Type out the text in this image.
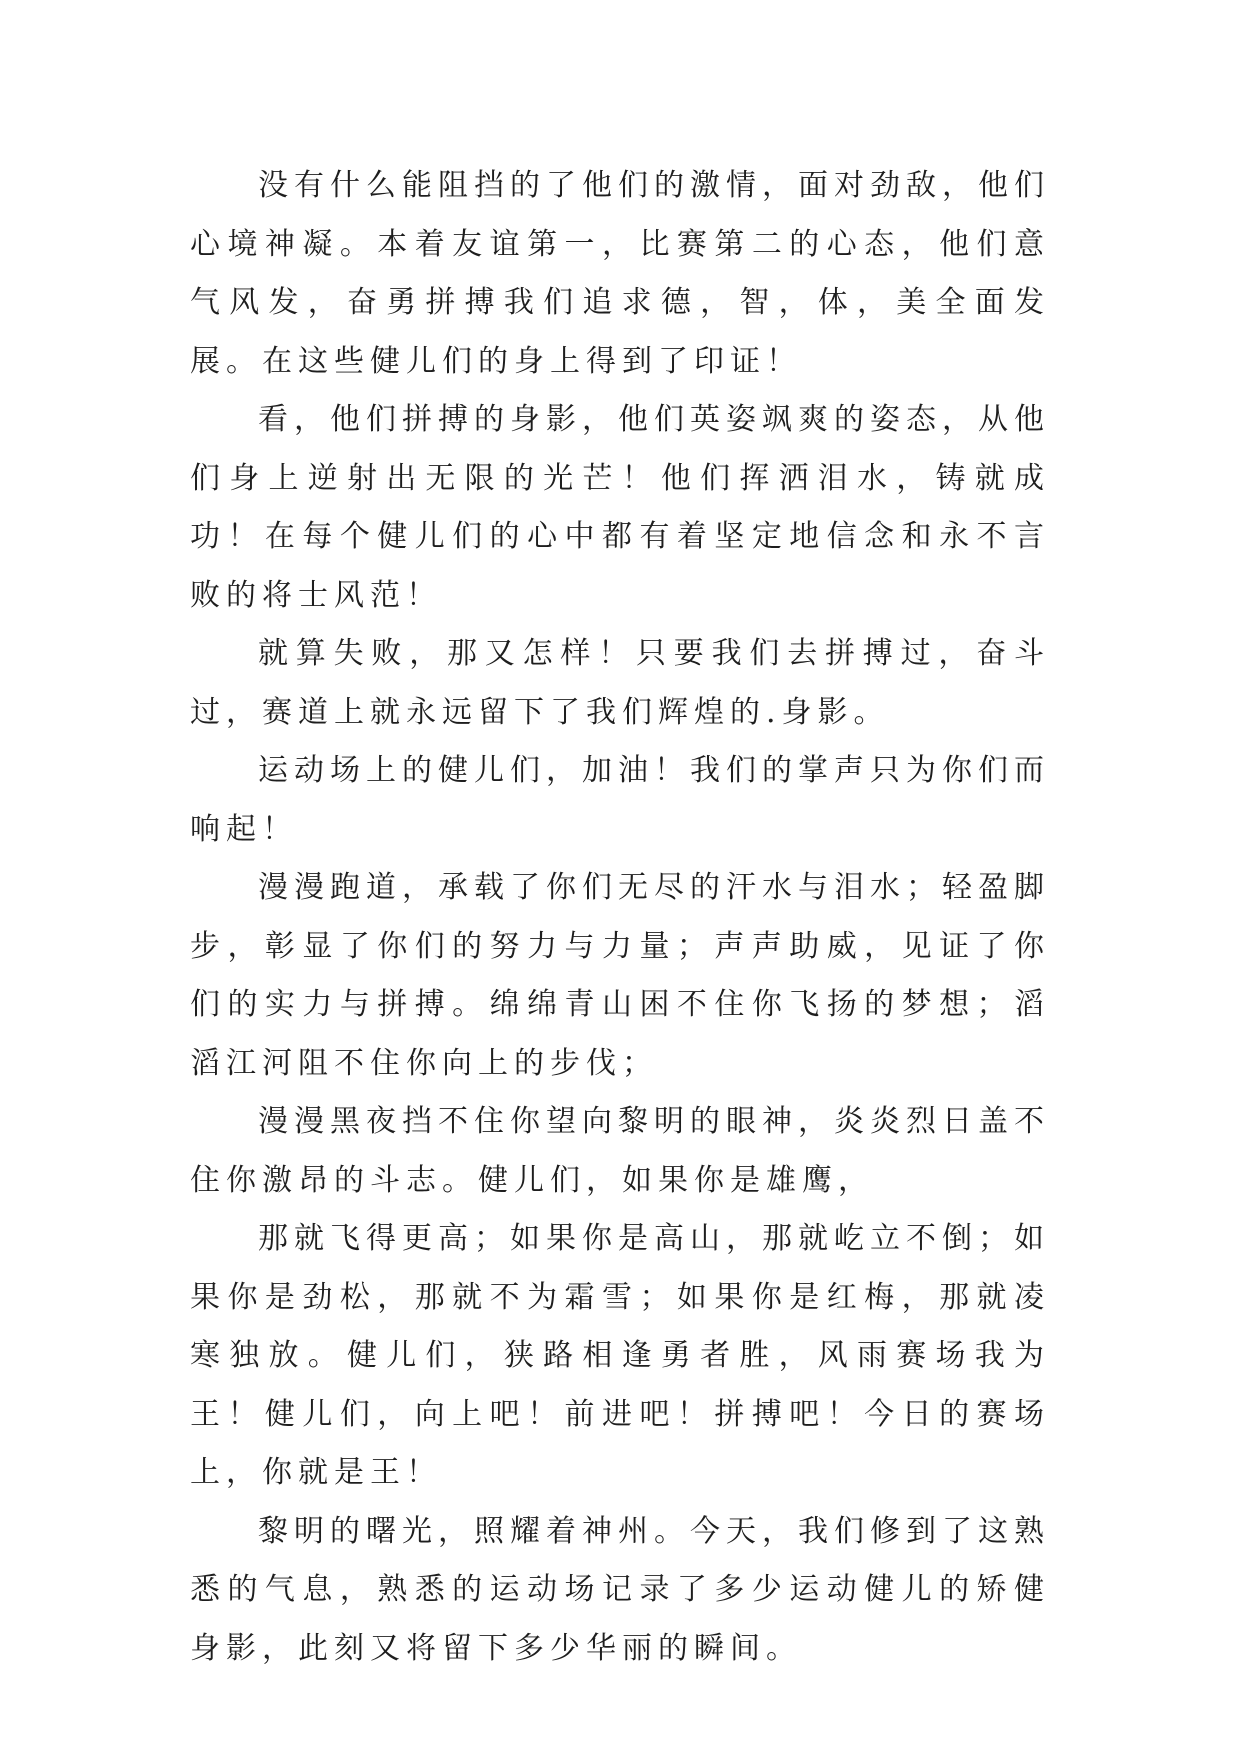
没有什么能阻挡的了他们的激情，面对劲敌，他们心境神凝。本着友谊第一，比赛第二的心态，他们意气风发，奋勇拼搏我们追求德，智，体，美全面发展。在这些健儿们的身上得到了印证！

看，他们拼搏的身影，他们英姿飒爽的姿态，从他们身上逆射出无限的光芒！他们挥洒泪水，铸就成功！在每个健儿们的心中都有着坚定地信念和永不言败的将士风范！

就算失败，那又怎样！只要我们去拼搏过，奋斗过，赛道上就永远留下了我们辉煌的.身影。

运动场上的健儿们，加油！我们的掌声只为你们而响起！

漫漫跑道，承载了你们无尽的汗水与泪水；轻盈脚步，彰显了你们的努力与力量；声声助威，见证了你们的实力与拼搏。绵绵青山困不住你飞扬的梦想；滔滔江河阻不住你向上的步伐；

漫漫黑夜挡不住你望向黎明的眼神，炎炎烈日盖不住你激昂的斗志。健儿们，如果你是雄鹰，

那就飞得更高；如果你是高山，那就屹立不倒；如果你是劲松，那就不为霜雪；如果你是红梅，那就凌寒独放。健儿们，狭路相逢勇者胜，风雨赛场我为王！健儿们，向上吧！前进吧！拼搏吧！今日的赛场上，你就是王！

黎明的曙光，照耀着神州。今天，我们修到了这熟悉的气息，熟悉的运动场记录了多少运动健儿的矫健身影，此刻又将留下多少华丽的瞬间。
